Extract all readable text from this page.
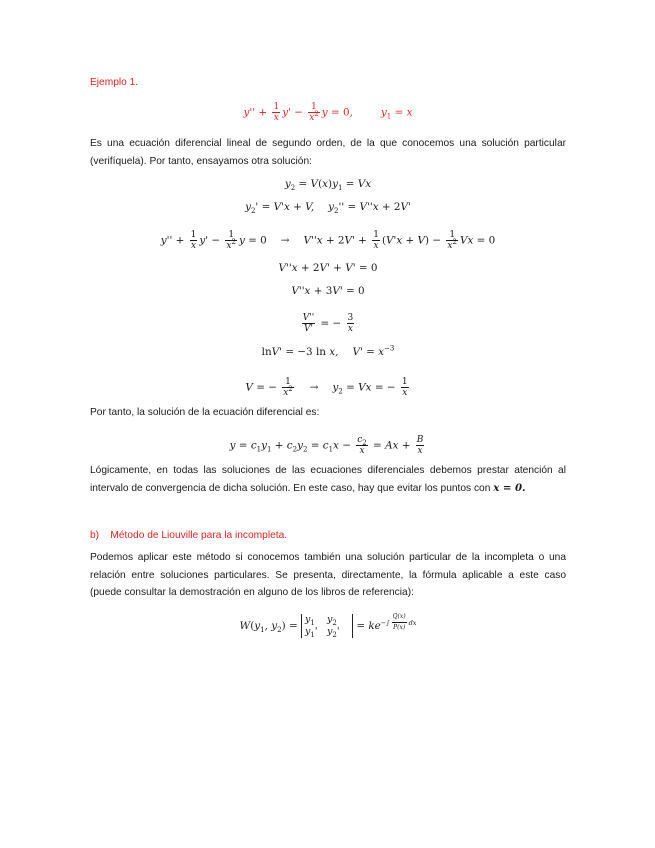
Ejemplo 1.
$y'' + \frac{1}{x} y' - \frac{1}{x^2}$ y = 0,	$y_1 = x$
Es una ecuación diferencial lineal de segundo orden, de la que conocemos una solución particular (verifíquela). Por tanto, ensayamos otra solución:
$y_2 = V(x)y_1 = Vx$
$y_2' = V'x + V$, $y_2'' = V''x + 2V'$
$y'' + \frac{1}{x} y' - \frac{1}{x^2}$ $y = 0 \to V''x + 2V' + \frac{1}{x} (V'x + V) - \frac{1}{x^2}$ Vx = 0
V''x + 2V' + V' = 0
V''x + 3V' = 0
$\frac{V''}{V'}$ = − $\frac{3}{x}$
lnV' = −3 ln x, $V' = x^{-3}$
V = − $\frac{1}{x^2} \to y_2 = Vx$ = − $\frac{1}{x}$
Por tanto, la solución de la ecuación diferencial es:
$y = c_1y_1 + c_2y_2 = c_1x - \frac{c_2}{x} = Ax + \frac{B}{x}$
Lógicamente, en todas las soluciones de las ecuaciones diferenciales debemos prestar atención al intervalo de convergencia de dicha solución. En este caso, hay que evitar los puntos con x = 0.
b)    Método de Liouville para la incompleta.
Podemos aplicar este método si conocemos también una solución particular de la incompleta o una relación entre soluciones particulares. Se presenta, directamente, la fórmula aplicable a este caso (puede consultar la demostración en alguno de los libros de referencia):
$W(y_1$, $y_2$) =
$y_1$ $y_2$
$y_1'$ $y_2'$	= $ke^{-\int \frac{Q(x)}{P(x)} dx}$
